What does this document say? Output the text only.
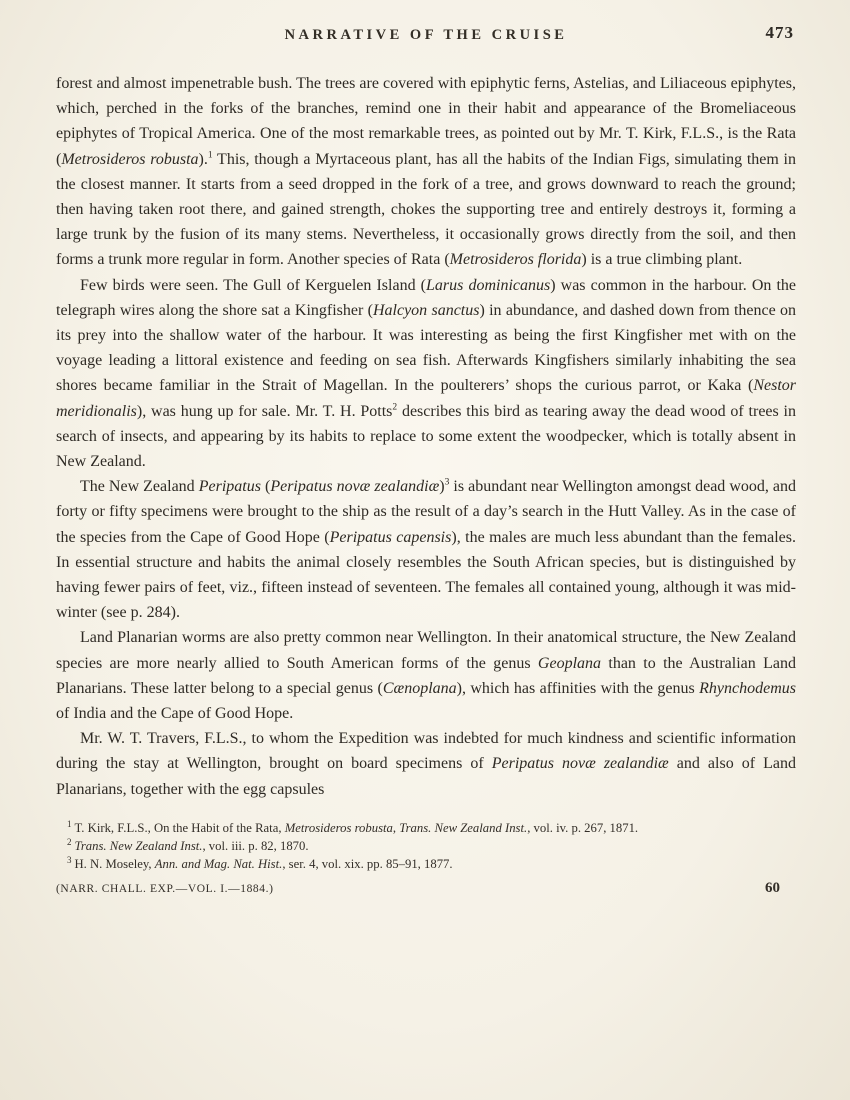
NARRATIVE OF THE CRUISE	473

forest and almost impenetrable bush. The trees are covered with epiphytic ferns, Astelias, and Liliaceous epiphytes, which, perched in the forks of the branches, remind one in their habit and appearance of the Bromeliaceous epiphytes of Tropical America. One of the most remarkable trees, as pointed out by Mr. T. Kirk, F.L.S., is the Rata (Metrosideros robusta).$^1$ This, though a Myrtaceous plant, has all the habits of the Indian Figs, simulating them in the closest manner. It starts from a seed dropped in the fork of a tree, and grows downward to reach the ground; then having taken root there, and gained strength, chokes the supporting tree and entirely destroys it, forming a large trunk by the fusion of its many stems. Nevertheless, it occasionally grows directly from the soil, and then forms a trunk more regular in form. Another species of Rata (Metrosideros florida) is a true climbing plant.

Few birds were seen. The Gull of Kerguelen Island (Larus dominicanus) was common in the harbour. On the telegraph wires along the shore sat a Kingfisher (Halcyon sanctus) in abundance, and dashed down from thence on its prey into the shallow water of the harbour. It was interesting as being the first Kingfisher met with on the voyage leading a littoral existence and feeding on sea fish. Afterwards Kingfishers similarly inhabiting the sea shores became familiar in the Strait of Magellan. In the poulterers’ shops the curious parrot, or Kaka (Nestor meridionalis), was hung up for sale. Mr. T. H. Potts$^2$ describes this bird as tearing away the dead wood of trees in search of insects, and appearing by its habits to replace to some extent the woodpecker, which is totally absent in New Zealand.

The New Zealand Peripatus (Peripatus novæ zealandiæ)$^3$ is abundant near Wellington amongst dead wood, and forty or fifty specimens were brought to the ship as the result of a day’s search in the Hutt Valley. As in the case of the species from the Cape of Good Hope (Peripatus capensis), the males are much less abundant than the females. In essential structure and habits the animal closely resembles the South African species, but is distinguished by having fewer pairs of feet, viz., fifteen instead of seventeen. The females all contained young, although it was mid-winter (see p. 284).

Land Planarian worms are also pretty common near Wellington. In their anatomical structure, the New Zealand species are more nearly allied to South American forms of the genus Geoplana than to the Australian Land Planarians. These latter belong to a special genus (Cænoplana), which has affinities with the genus Rhynchodemus of India and the Cape of Good Hope.

Mr. W. T. Travers, F.L.S., to whom the Expedition was indebted for much kindness and scientific information during the stay at Wellington, brought on board specimens of Peripatus novæ zealandiæ and also of Land Planarians, together with the egg capsules

$^1$ T. Kirk, F.L.S., On the Habit of the Rata, Metrosideros robusta, Trans. New Zealand Inst., vol. iv. p. 267, 1871.

$^2$ Trans. New Zealand Inst., vol. iii. p. 82, 1870.

$^3$ H. N. Moseley, Ann. and Mag. Nat. Hist., ser. 4, vol. xix. pp. 85–91, 1877.

(NARR. CHALL. EXP.—VOL. I.—1884.)	60
